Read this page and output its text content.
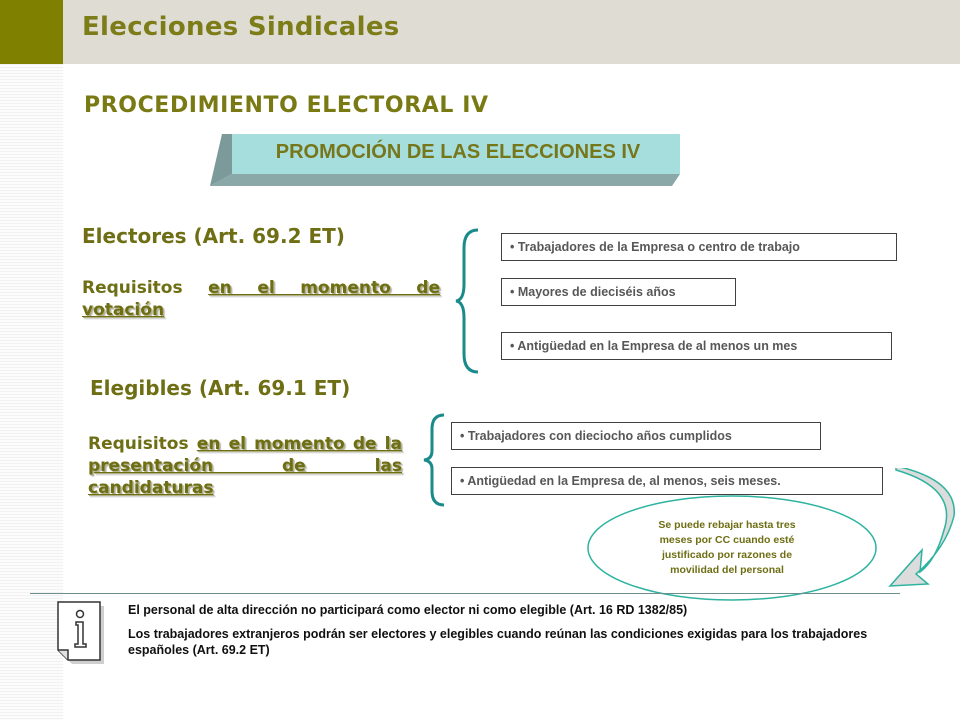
Elecciones Sindicales
PROCEDIMIENTO ELECTORAL IV
PROMOCIÓN DE LAS ELECCIONES IV
Electores (Art. 69.2 ET)
Requisitos en el momento de votación
• Trabajadores de la Empresa o centro de trabajo
• Mayores de dieciséis años
• Antigüedad en la Empresa de al menos un mes
Elegibles (Art. 69.1 ET)
Requisitos en el momento de la presentación de las candidaturas
• Trabajadores con dieciocho años cumplidos
• Antigüedad en la Empresa de, al menos, seis meses.
Se puede rebajar hasta tres meses por CC cuando esté justificado por razones de movilidad del personal
El personal de alta dirección no participará como elector ni como elegible (Art. 16 RD 1382/85)
Los trabajadores extranjeros podrán ser electores y elegibles cuando reúnan las condiciones exigidas para los trabajadores españoles (Art. 69.2 ET)
